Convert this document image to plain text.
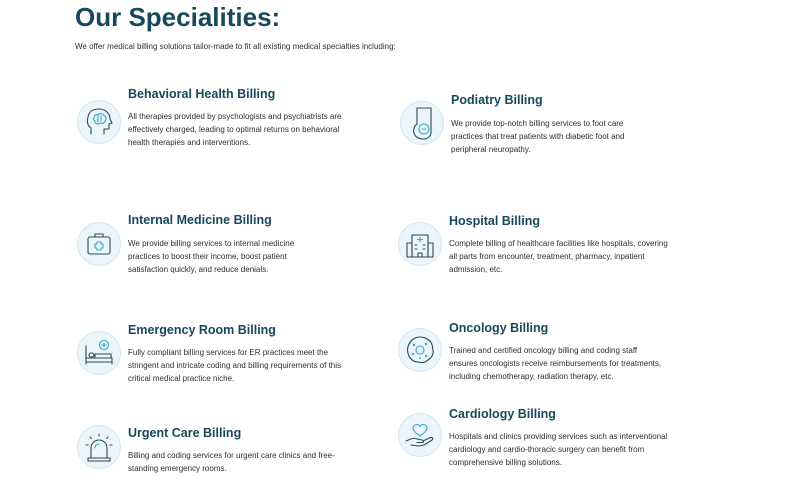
Our Specialities:
We offer medical billing solutions tailor-made to fit all existing medical specialties including:
Behavioral Health Billing

All therapies provided by psychologists and psychiatrists are effectively charged, leading to optimal returns on behavioral health therapies and interventions.

Podiatry Billing

We provide top-notch billing services to foot care practices that treat patients with diabetic foot and peripheral neuropathy.

Internal Medicine Billing

We provide billing services to internal medicine practices to boost their income, boost patient satisfaction quickly, and reduce denials.

Hospital Billing

Complete billing of healthcare facilities like hospitals, covering all parts from encounter, treatment, pharmacy, inpatient admission, etc.

Emergency Room Billing

Fully compliant billing services for ER practices meet the stringent and intricate coding and billing requirements of this critical medical practice niche.

Oncology Billing

Trained and certified oncology billing and coding staff ensures oncologists receive reimbursements for treatments, including chemotherapy, radiation therapy, etc.

Urgent Care Billing

Billing and coding services for urgent care clinics and free-standing emergency rooms.

Cardiology Billing

Hospitals and clinics providing services such as interventional cardiology and cardio-thoracic surgery can benefit from comprehensive billing solutions.
